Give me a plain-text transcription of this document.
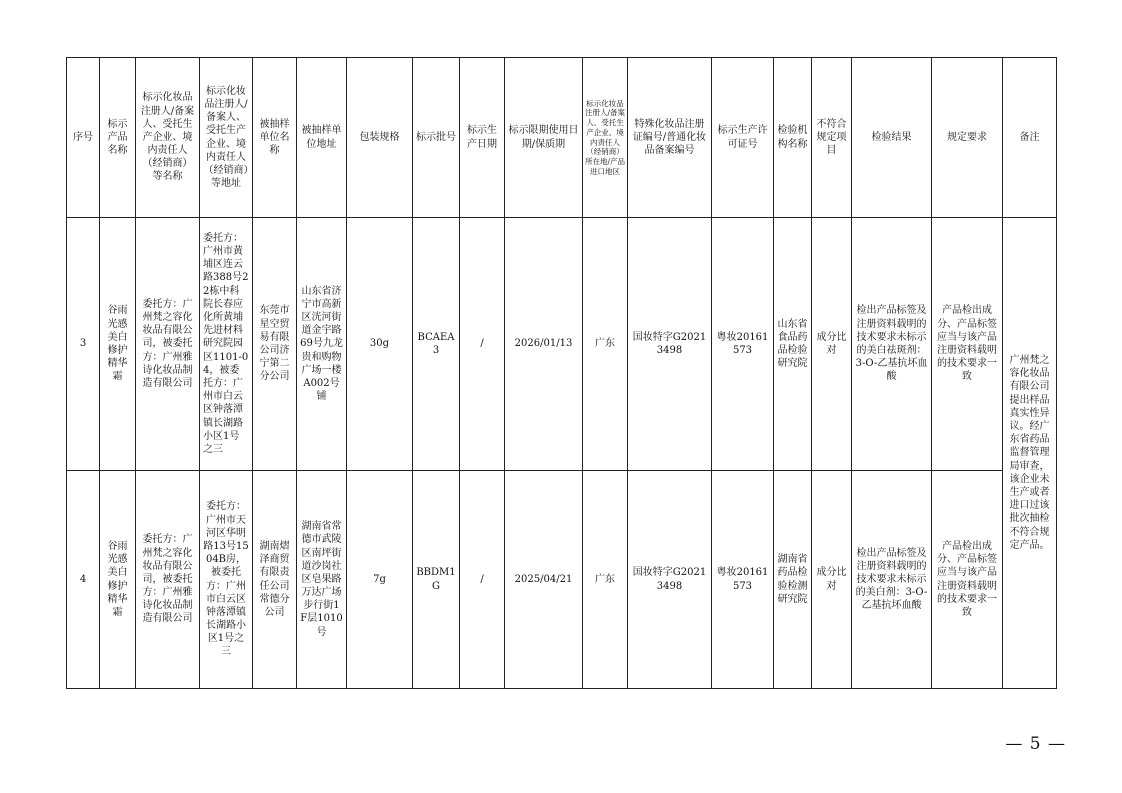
序号	标示产品名称	标示化妆品注册人/备案人、受托生产企业、境内责任人（经销商）等名称	标示化妆品注册人/备案人、受托生产企业、境内责任人（经销商）等地址	被抽样单位名称	被抽样单位地址	包装规格	标示批号	标示生产日期	标示限期使用日期/保质期	标示化妆品注册人/备案人、受托生产企业、境内责任人（经销商）所在地/产品进口地区	特殊化妆品注册证编号/普通化妆品备案编号	标示生产许可证号	检验机构名称	不符合规定项目	检验结果	规定要求	备注
3	谷雨光感美白修护精华霜	委托方：广州梵之容化妆品有限公司，被委托方：广州雅诗化妆品制造有限公司	委托方：广州市黄埔区连云路388号22栋中科院长春应化所黄埔先进材料研究院园区1101-04，被委托方：广州市白云区钟落潭镇长湖路小区1号之三	东莞市星空贸易有限公司济宁第二分公司	山东省济宁市高新区洸河街道金宇路69号九龙贵和购物广场一楼A002号铺	30g	BCAEA3	/	2026/01/13	广东	国妆特字G20213498	粤妆20161573	山东省食品药品检验研究院	成分比对	检出产品标签及注册资料载明的技术要求未标示的美白祛斑剂：3-O-乙基抗坏血酸	产品检出成分、产品标签应当与该产品注册资料载明的技术要求一致	广州梵之容化妆品有限公司提出样品真实性异议。经广东省药品监督管理局审查，该企业未生产或者进口过该批次抽检不符合规定产品。
4	谷雨光感美白修护精华霜	委托方：广州梵之容化妆品有限公司，被委托方：广州雅诗化妆品制造有限公司	委托方：广州市天河区华明路13号1504B房，被委托方：广州市白云区钟落潭镇长湖路小区1号之三	湖南熠泽商贸有限责任公司常德分公司	湖南省常德市武陵区南坪街道沙岗社区皂果路万达广场步行街1F层1010号	7g	BBDM1G	/	2025/04/21	广东	国妆特字G20213498	粤妆20161573	湖南省药品检验检测研究院	成分比对	检出产品标签及注册资料载明的技术要求未标示的美白剂：3-O-乙基抗坏血酸	产品检出成分、产品标签应当与该产品注册资料载明的技术要求一致	
— 5 —
